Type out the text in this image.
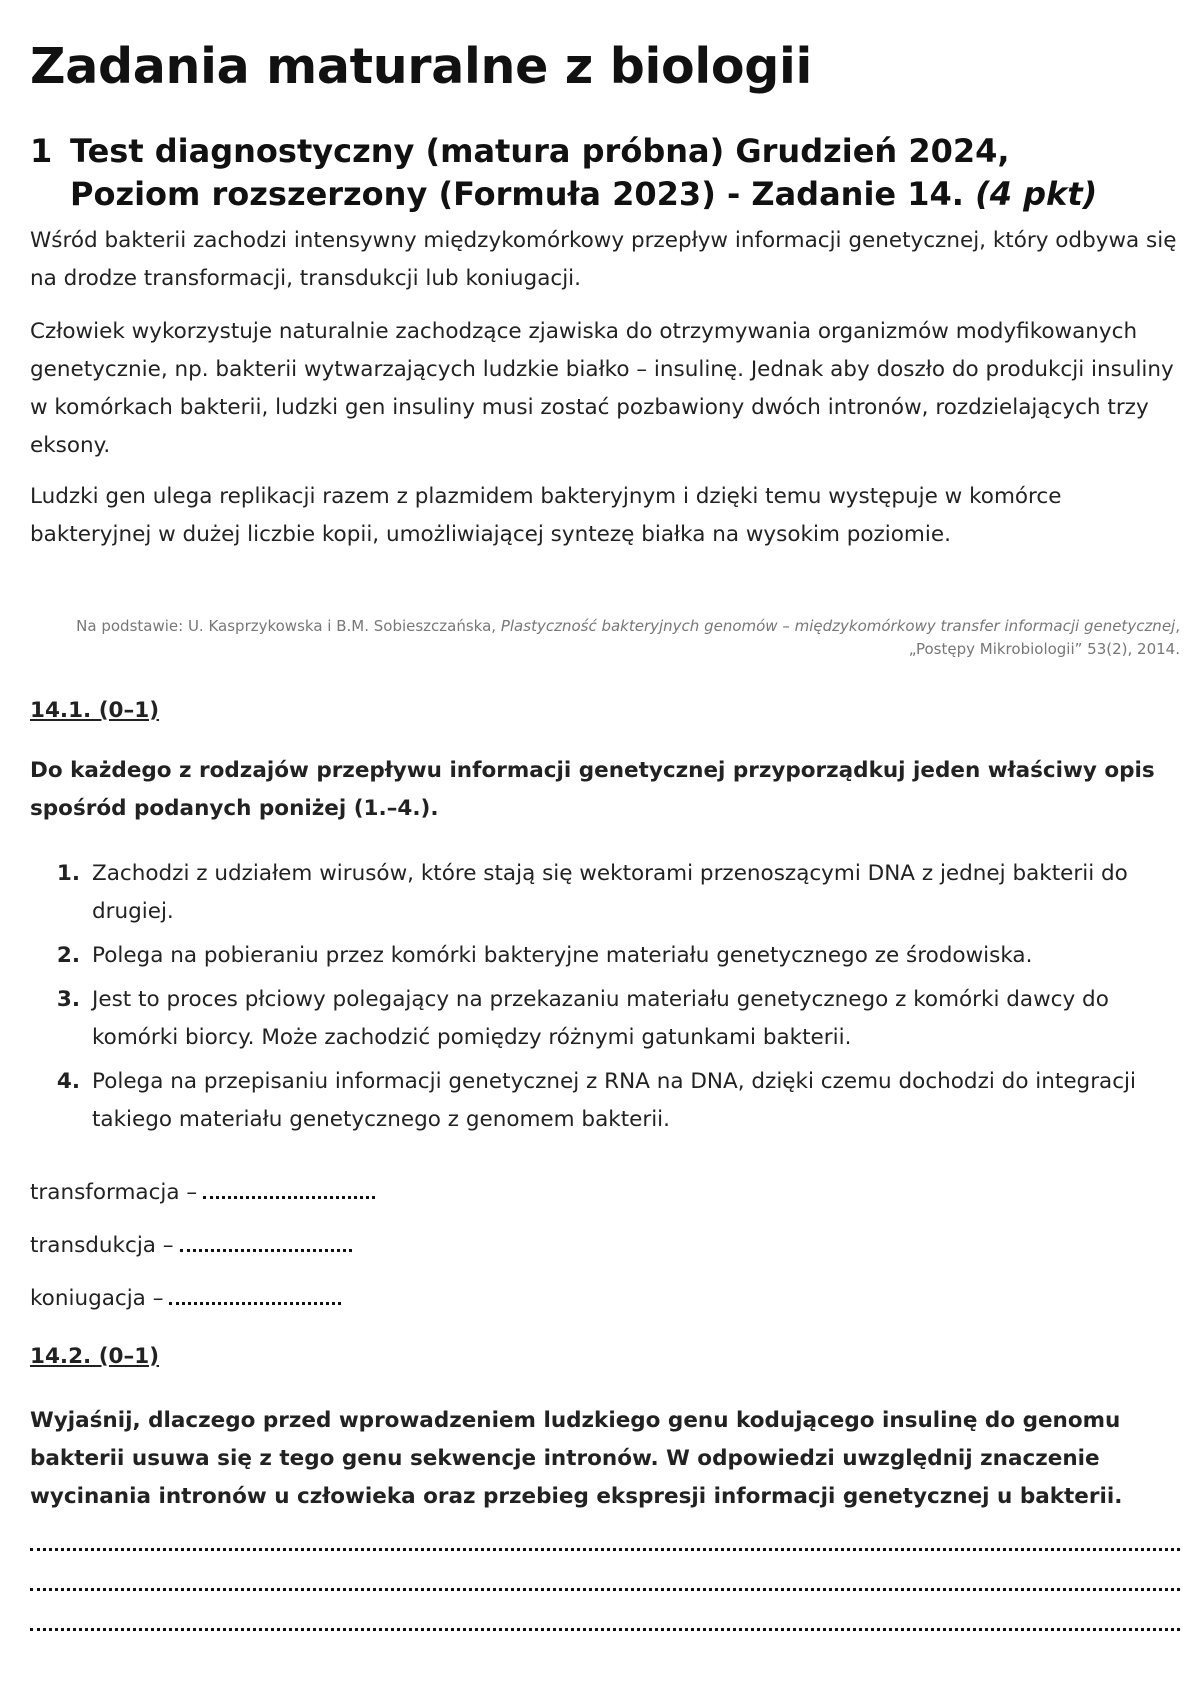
Zadania maturalne z biologii
1 Test diagnostyczny (matura próbna) Grudzień 2024, Poziom rozszerzony (Formuła 2023) - Zadanie 14. (4 pkt)

Wśród bakterii zachodzi intensywny międzykomórkowy przepływ informacji genetycznej, który odbywa się na drodze transformacji, transdukcji lub koniugacji.

Człowiek wykorzystuje naturalnie zachodzące zjawiska do otrzymywania organizmów modyfikowanych genetycznie, np. bakterii wytwarzających ludzkie białko – insulinę. Jednak aby doszło do produkcji insuliny w komórkach bakterii, ludzki gen insuliny musi zostać pozbawiony dwóch intronów, rozdzielających trzy eksony.

Ludzki gen ulega replikacji razem z plazmidem bakteryjnym i dzięki temu występuje w komórce bakteryjnej w dużej liczbie kopii, umożliwiającej syntezę białka na wysokim poziomie.

Na podstawie: U. Kasprzykowska i B.M. Sobieszczańska, Plastyczność bakteryjnych genomów – międzykomórkowy transfer informacji genetycznej, „Postępy Mikrobiologii” 53(2), 2014.

14.1. (0–1)

Do każdego z rodzajów przepływu informacji genetycznej przyporządkuj jeden właściwy opis spośród podanych poniżej (1.–4.).

1. Zachodzi z udziałem wirusów, które stają się wektorami przenoszącymi DNA z jednej bakterii do drugiej.
2. Polega na pobieraniu przez komórki bakteryjne materiału genetycznego ze środowiska.
3. Jest to proces płciowy polegający na przekazaniu materiału genetycznego z komórki dawcy do komórki biorcy. Może zachodzić pomiędzy różnymi gatunkami bakterii.
4. Polega na przepisaniu informacji genetycznej z RNA na DNA, dzięki czemu dochodzi do integracji takiego materiału genetycznego z genomem bakterii.
transformacja –
transdukcja –
koniugacja –

14.2. (0–1)

Wyjaśnij, dlaczego przed wprowadzeniem ludzkiego genu kodującego insulinę do genomu bakterii usuwa się z tego genu sekwencje intronów. W odpowiedzi uwzględnij znaczenie wycinania intronów u człowieka oraz przebieg ekspresji informacji genetycznej u bakterii.
